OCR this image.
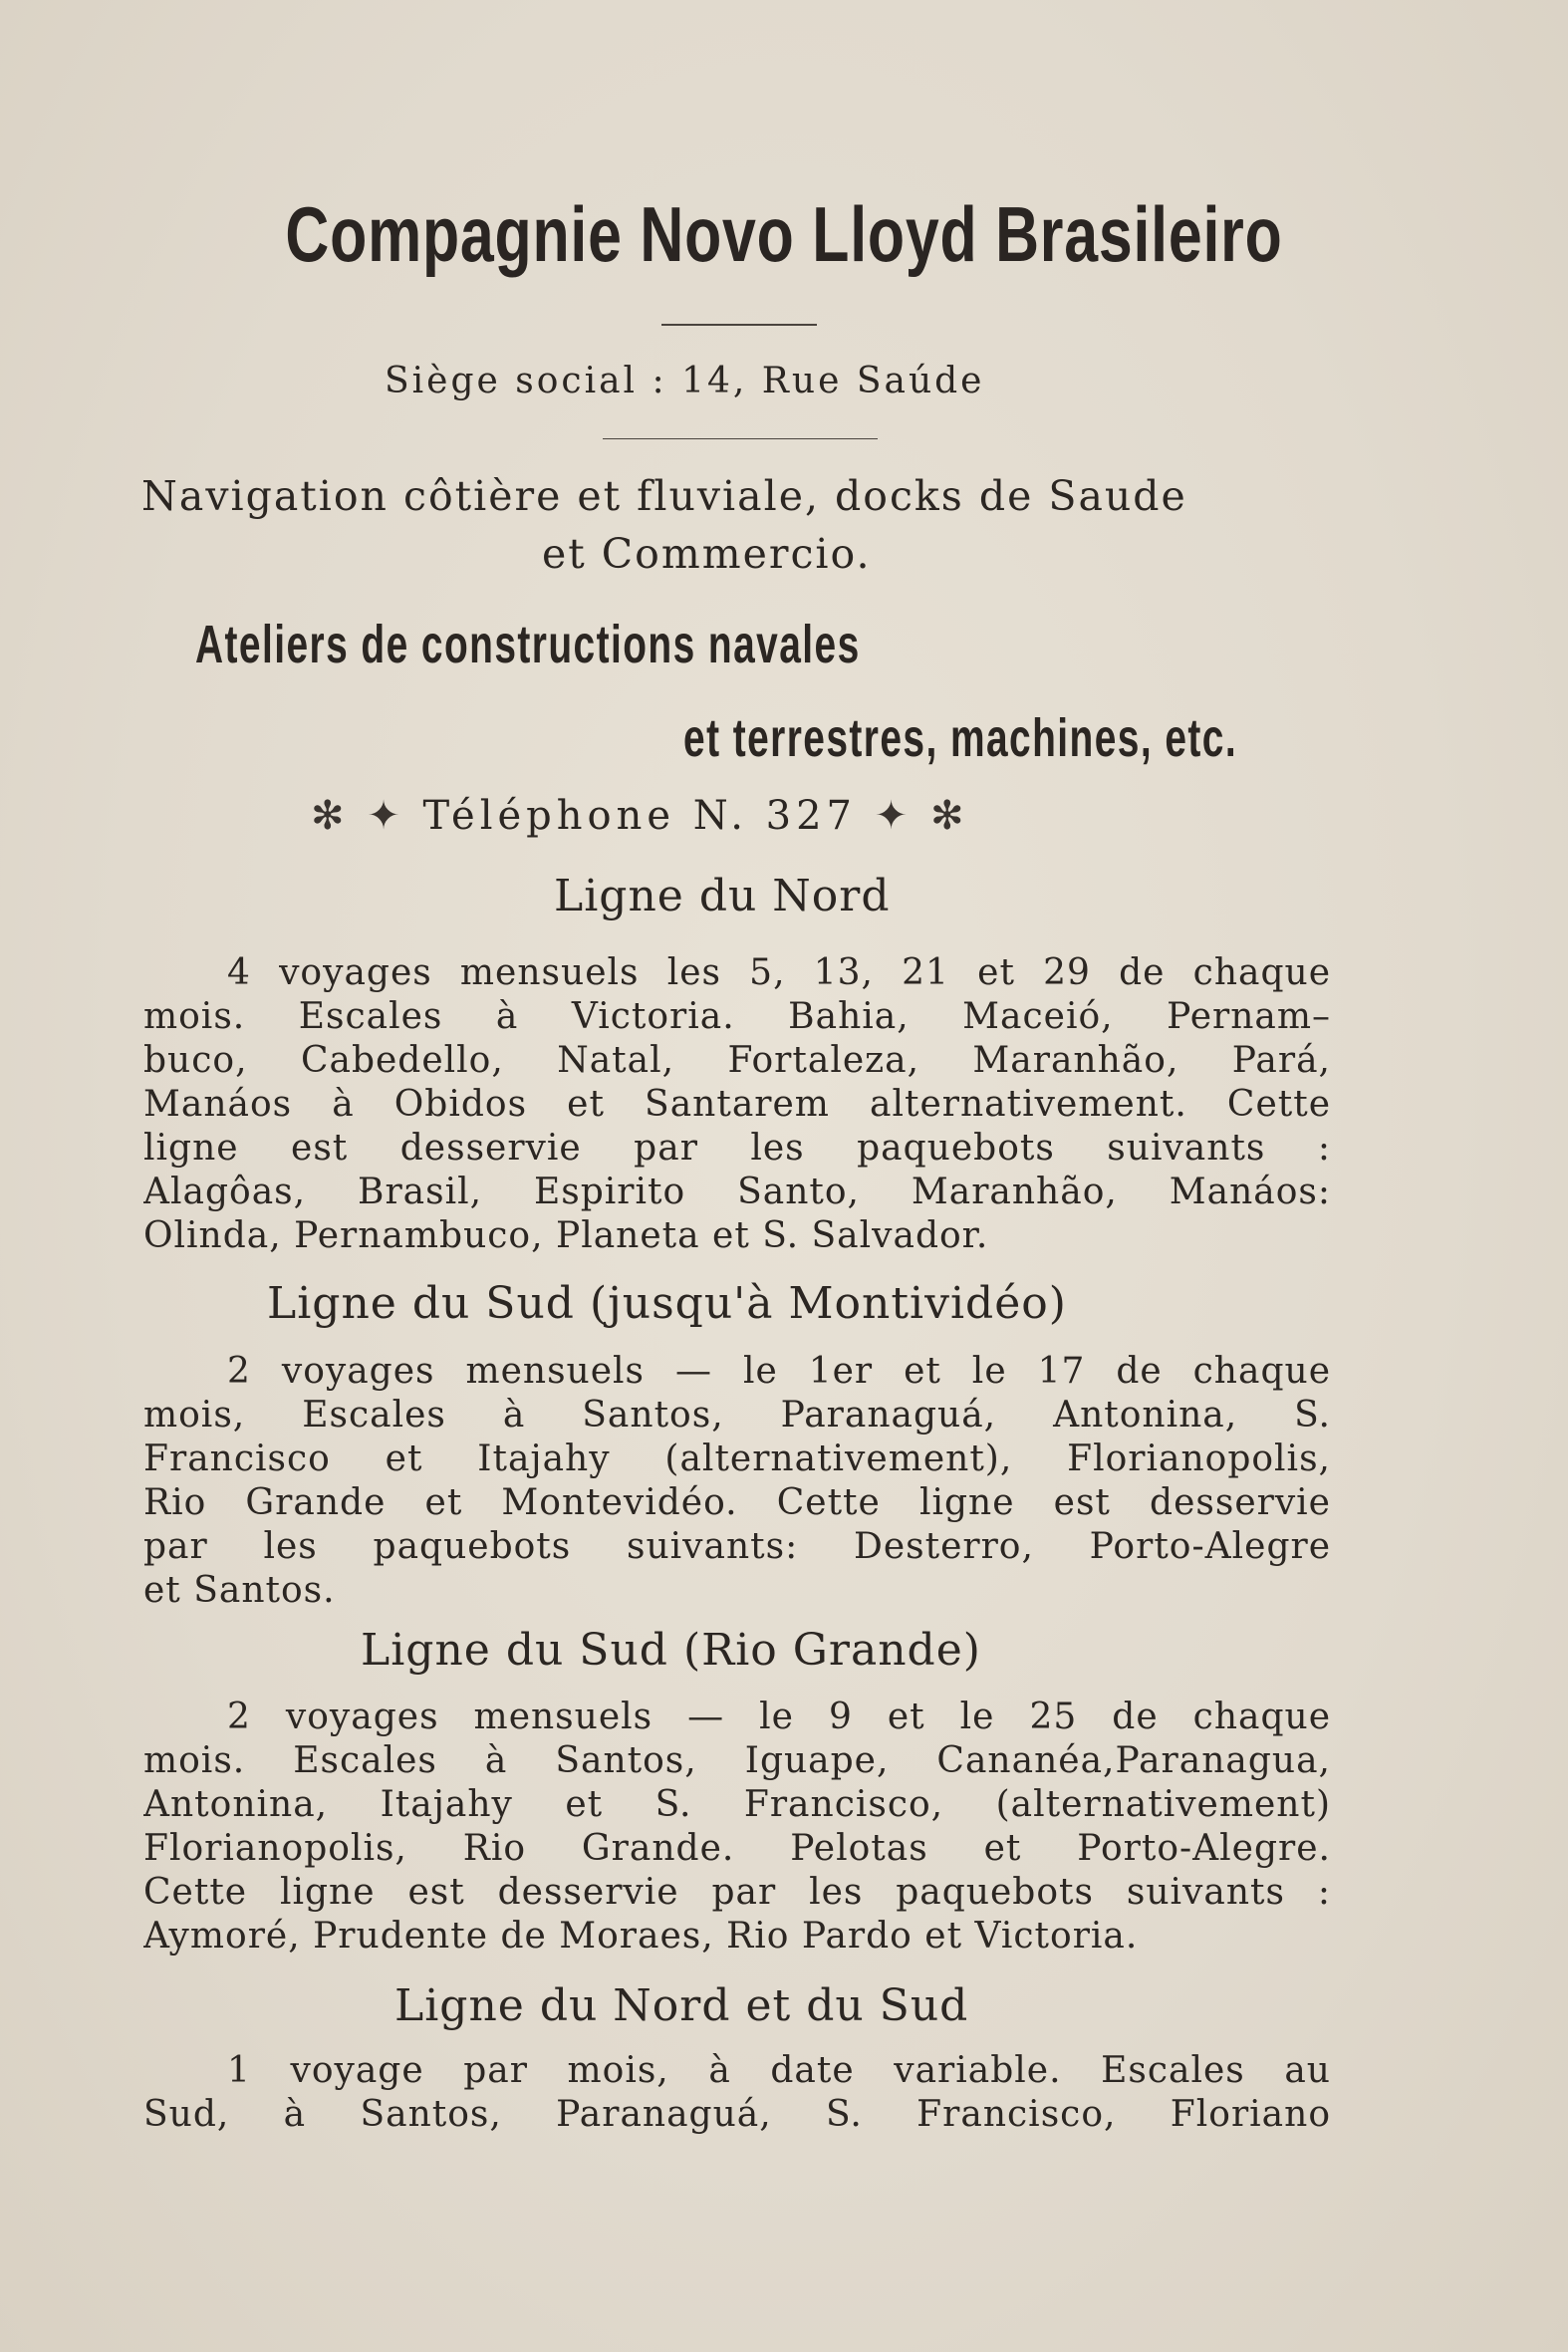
Compagnie Novo Lloyd Brasileiro
Siège social : 14, Rue Saúde
Navigation côtière et fluviale, docks de Saude
et Commercio.
Ateliers de constructions navales
et terrestres, machines, etc.
✻ ✦ Téléphone N. 327 ✦ ✻
Ligne du Nord
4 voyages mensuels les 5, 13, 21 et 29 de chaque
mois. Escales à Victoria. Bahia, Maceió, Pernam–
buco, Cabedello, Natal, Fortaleza, Maranhão, Pará,
Manáos à Obidos et Santarem alternativement. Cette
ligne est desservie par les paquebots suivants :
Alagôas, Brasil, Espirito Santo, Maranhão, Manáos:
Olinda, Pernambuco, Planeta et S. Salvador.
Ligne du Sud (jusqu'à Montividéo)
2 voyages mensuels — le 1er et le 17 de chaque
mois, Escales à Santos, Paranaguá, Antonina, S.
Francisco et Itajahy (alternativement), Florianopolis,
Rio Grande et Montevidéo. Cette ligne est desservie
par les paquebots suivants: Desterro, Porto-Alegre
et Santos.
Ligne du Sud (Rio Grande)
2 voyages mensuels — le 9 et le 25 de chaque
mois. Escales à Santos, Iguape, Cananéa,Paranagua,
Antonina, Itajahy et S. Francisco, (alternativement)
Florianopolis, Rio Grande. Pelotas et Porto-Alegre.
Cette ligne est desservie par les paquebots suivants :
Aymoré, Prudente de Moraes, Rio Pardo et Victoria.
Ligne du Nord et du Sud
1 voyage par mois, à date variable. Escales au
Sud, à Santos, Paranaguá, S. Francisco, Floriano
